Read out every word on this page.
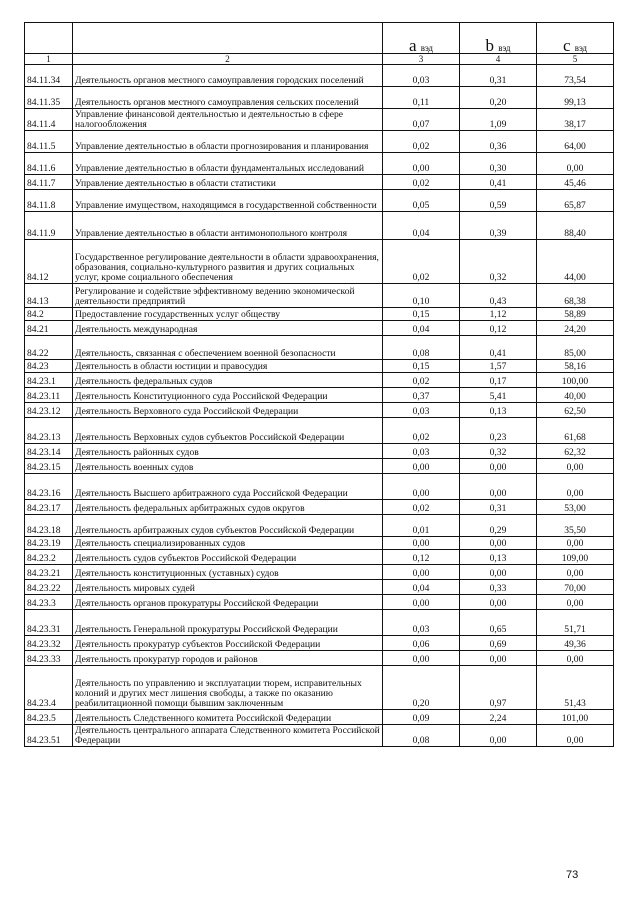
		a вэд	b вэд	c вэд
1	2	3	4	5
84.11.34	Деятельность органов местного самоуправления городских поселений	0,03	0,31	73,54
84.11.35	Деятельность органов местного самоуправления сельских поселений	0,11	0,20	99,13
84.11.4	Управление финансовой деятельностью и деятельностью в сфере налогообложения	0,07	1,09	38,17
84.11.5	Управление деятельностью в области прогнозирования и планирования	0,02	0,36	64,00
84.11.6	Управление деятельностью в области фундаментальных исследований	0,00	0,30	0,00
84.11.7	Управление деятельностью в области статистики	0,02	0,41	45,46
84.11.8	Управление имуществом, находящимся в государственной собственности	0,05	0,59	65,87
84.11.9	Управление деятельностью в области антимонопольного контроля	0,04	0,39	88,40
84.12	Государственное регулирование деятельности в области здравоохранения, образования, социально-культурного развития и других социальных услуг, кроме социального обеспечения	0,02	0,32	44,00
84.13	Регулирование и содействие эффективному ведению экономической деятельности предприятий	0,10	0,43	68,38
84.2	Предоставление государственных услуг обществу	0,15	1,12	58,89
84.21	Деятельность международная	0,04	0,12	24,20
84.22	Деятельность, связанная с обеспечением военной безопасности	0,08	0,41	85,00
84.23	Деятельность в области юстиции и правосудия	0,15	1,57	58,16
84.23.1	Деятельность федеральных судов	0,02	0,17	100,00
84.23.11	Деятельность Конституционного суда Российской Федерации	0,37	5,41	40,00
84.23.12	Деятельность Верховного суда Российской Федерации	0,03	0,13	62,50
84.23.13	Деятельность Верховных судов субъектов Российской Федерации	0,02	0,23	61,68
84.23.14	Деятельность районных судов	0,03	0,32	62,32
84.23.15	Деятельность военных судов	0,00	0,00	0,00
84.23.16	Деятельность Высшего арбитражного суда Российской Федерации	0,00	0,00	0,00
84.23.17	Деятельность федеральных арбитражных судов округов	0,02	0,31	53,00
84.23.18	Деятельность арбитражных судов субъектов Российской Федерации	0,01	0,29	35,50
84.23.19	Деятельность специализированных судов	0,00	0,00	0,00
84.23.2	Деятельность судов субъектов Российской Федерации	0,12	0,13	109,00
84.23.21	Деятельность конституционных (уставных) судов	0,00	0,00	0,00
84.23.22	Деятельность мировых судей	0,04	0,33	70,00
84.23.3	Деятельность органов прокуратуры Российской Федерации	0,00	0,00	0,00
84.23.31	Деятельность Генеральной прокуратуры Российской Федерации	0,03	0,65	51,71
84.23.32	Деятельность прокуратур субъектов Российской Федерации	0,06	0,69	49,36
84.23.33	Деятельность прокуратур городов и районов	0,00	0,00	0,00
84.23.4	Деятельность по управлению и эксплуатации тюрем, исправительных колоний и других мест лишения свободы, а также по оказанию реабилитационной помощи бывшим заключенным	0,20	0,97	51,43
84.23.5	Деятельность Следственного комитета Российской Федерации	0,09	2,24	101,00
84.23.51	Деятельность центрального аппарата Следственного комитета Российской Федерации	0,08	0,00	0,00
73
